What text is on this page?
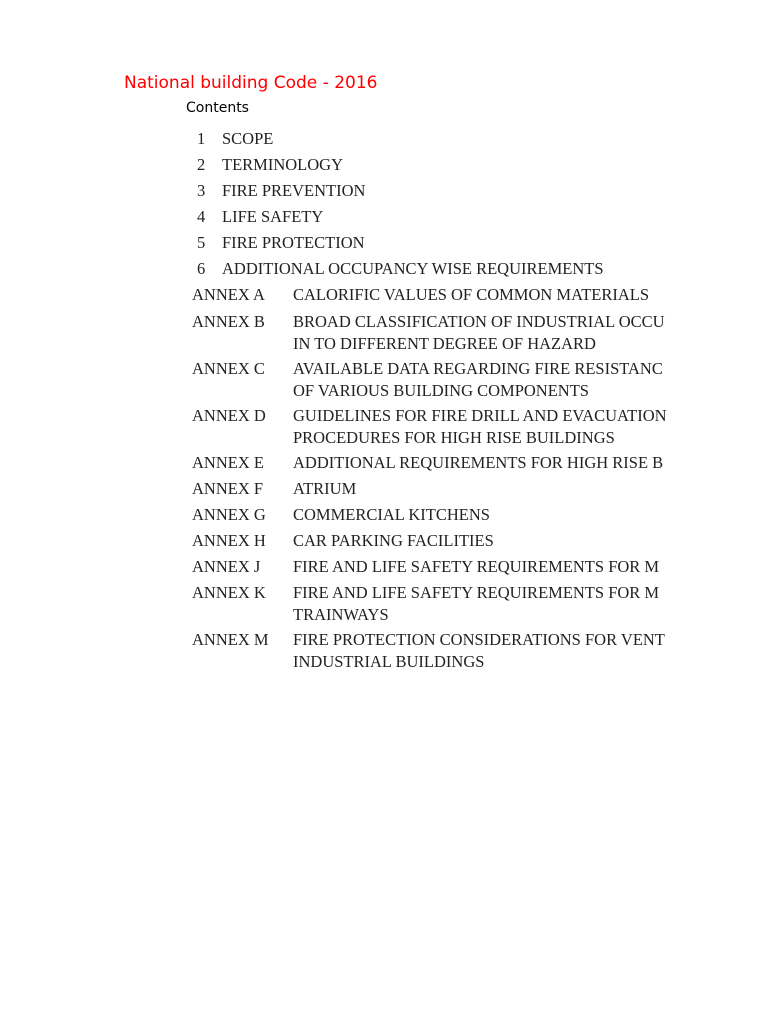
National building Code - 2016
Contents
1 SCOPE
2 TERMINOLOGY
3 FIRE PREVENTION
4 LIFE SAFETY
5 FIRE PROTECTION
6 ADDITIONAL OCCUPANCY WISE REQUIREMENTS
ANNEX A CALORIFIC VALUES OF COMMON MATERIALS
ANNEX B BROAD CLASSIFICATION OF INDUSTRIAL OCCU
IN TO DIFFERENT DEGREE OF HAZARD
ANNEX C AVAILABLE DATA REGARDING FIRE RESISTANC
OF VARIOUS BUILDING COMPONENTS
ANNEX D GUIDELINES FOR FIRE DRILL AND EVACUATION
PROCEDURES FOR HIGH RISE BUILDINGS
ANNEX E ADDITIONAL REQUIREMENTS FOR HIGH RISE B
ANNEX F ATRIUM
ANNEX G COMMERCIAL KITCHENS
ANNEX H CAR PARKING FACILITIES
ANNEX J FIRE AND LIFE SAFETY REQUIREMENTS FOR M
ANNEX K FIRE AND LIFE SAFETY REQUIREMENTS FOR M
TRAINWAYS
ANNEX M FIRE PROTECTION CONSIDERATIONS FOR VENT
INDUSTRIAL BUILDINGS
